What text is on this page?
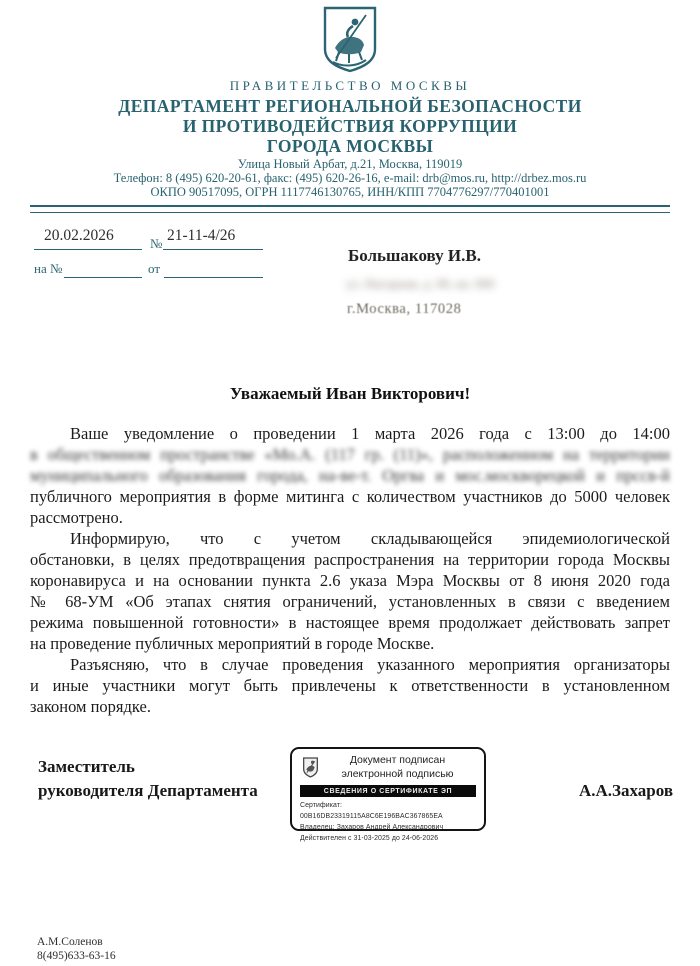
ПРАВИТЕЛЬСТВО МОСКВЫ
ДЕПАРТАМЕНТ РЕГИОНАЛЬНОЙ БЕЗОПАСНОСТИ
И ПРОТИВОДЕЙСТВИЯ КОРРУПЦИИ
ГОРОДА МОСКВЫ
Улица Новый Арбат, д.21, Москва, 119019
Телефон: 8 (495) 620-20-61, факс: (495) 620-26-16, e-mail: drb@mos.ru, http://drbez.mos.ru
ОКПО 90517095, ОГРН 1117746130765, ИНН/КПП 7704776297/770401001
20.02.2026	№ 21-11-4/26
на №	от
Большакову И.В.
ул. Нагорная, д. 00, кв. 000
г.Москва, 117028
Уважаемый Иван Викторович!
Ваше уведомление о проведении 1 марта 2026 года с 13:00 до 14:00
в общественном пространстве «Мо.А. (117 гр. (11)», расположенном на территории
муниципального образования города, на-ве-т. Оргва и мос.москворецкой и прссв-й
публичного мероприятия в форме митинга с количеством участников до 5000 человек
рассмотрено.
Информирую, что с учетом складывающейся эпидемиологической
обстановки, в целях предотвращения распространения на территории города Москвы
коронавируса и на основании пункта 2.6 указа Мэра Москвы от 8 июня 2020 года
№ 68-УМ «Об этапах снятия ограничений, установленных в связи с введением
режима повышенной готовности» в настоящее время продолжает действовать запрет
на проведение публичных мероприятий в городе Москве.
Разъясняю, что в случае проведения указанного мероприятия организаторы
и иные участники могут быть привлечены к ответственности в установленном
законом порядке.
Заместитель
руководителя Департамента
Документ подписан
электронной подписью
СВЕДЕНИЯ О СЕРТИФИКАТЕ ЭП
Сертификат: 00B16DB23319115A8C6E196BAC367865EA
Владелец: Захаров Андрей Александрович
Действителен с 31-03-2025 до 24-06-2026
А.А.Захаров
А.М.Соленов
8(495)633-63-16
